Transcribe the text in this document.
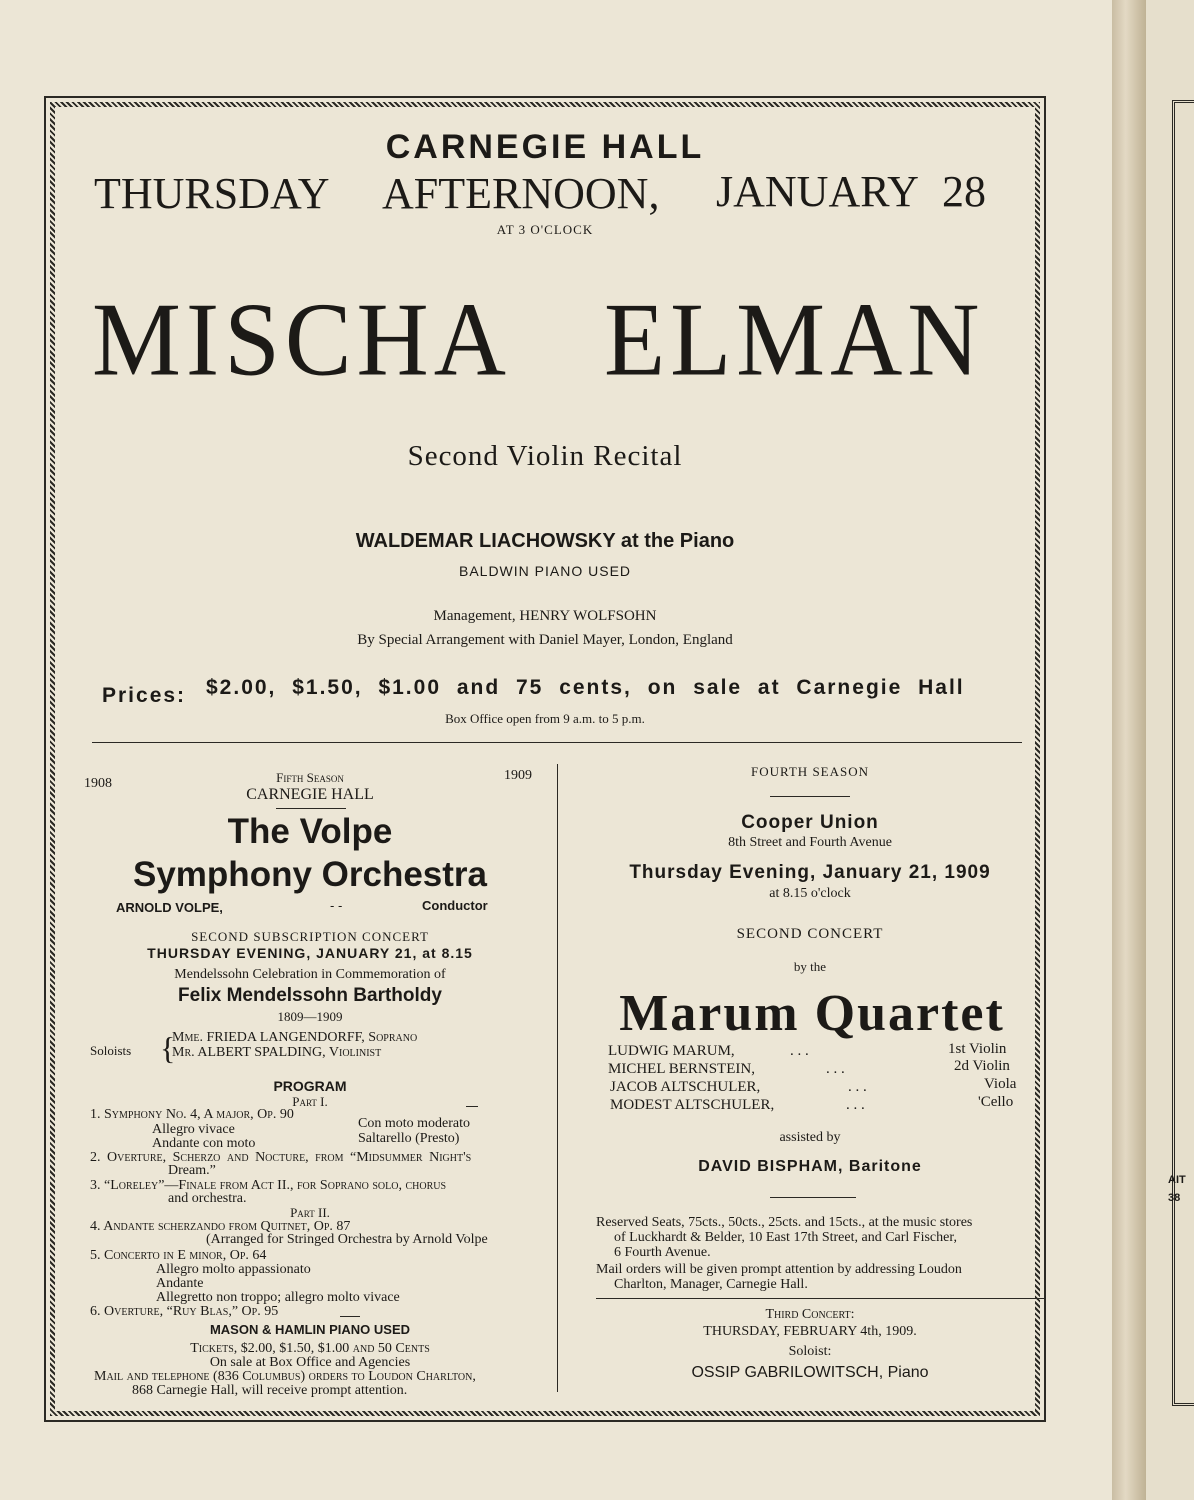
AIT
38
CARNEGIE HALL
THURSDAY AFTERNOON, JANUARY 28
AT 3 O'CLOCK
MISCHA ELMAN
Second Violin Recital
WALDEMAR LIACHOWSKY at the Piano
BALDWIN PIANO USED
Management, HENRY WOLFSOHN
By Special Arrangement with Daniel Mayer, London, England
Prices: $2.00, $1.50, $1.00 and 75 cents, on sale at Carnegie Hall
Box Office open from 9 a.m. to 5 p.m.
1908	Fifth Season	1909
CARNEGIE HALL
The Volpe
Symphony Orchestra
ARNOLD VOLPE,	- -	Conductor
SECOND SUBSCRIPTION CONCERT
THURSDAY EVENING, JANUARY 21, at 8.15
Mendelssohn Celebration in Commemoration of
Felix Mendelssohn Bartholdy
1809—1909
Soloists {
Mme. FRIEDA LANGENDORFF, Soprano
Mr. ALBERT SPALDING, Violinist
PROGRAM
Part I.
1. Symphony No. 4, A major, Op. 90
Allegro vivace	Con moto moderato
Andante con moto	Saltarello (Presto)
2. Overture, Scherzo and Nocture, from “Midsummer Night's
Dream.”
3. “Loreley”—Finale from Act II., for Soprano solo, chorus
and orchestra.
Part II.
4. Andante scherzando from Quitnet, Op. 87
(Arranged for Stringed Orchestra by Arnold Volpe
5. Concerto in E minor, Op. 64
Allegro molto appassionato
Andante
Allegretto non troppo; allegro molto vivace
6. Overture, “Ruy Blas,” Op. 95
MASON & HAMLIN PIANO USED
Tickets, $2.00, $1.50, $1.00 and 50 Cents
On sale at Box Office and Agencies
Mail and telephone (836 Columbus) orders to Loudon Charlton,
868 Carnegie Hall, will receive prompt attention.
FOURTH SEASON
Cooper Union
8th Street and Fourth Avenue
Thursday Evening, January 21, 1909
at 8.15 o'clock
SECOND CONCERT
by the
Marum Quartet
LUDWIG MARUM,	. . .	1st Violin
MICHEL BERNSTEIN,	. . .	2d Violin
JACOB ALTSCHULER,	. . .	Viola
MODEST ALTSCHULER,	. . .	'Cello
assisted by
DAVID BISPHAM, Baritone
Reserved Seats, 75cts., 50cts., 25cts. and 15cts., at the music stores
of Luckhardt & Belder, 10 East 17th Street, and Carl Fischer,
6 Fourth Avenue.
Mail orders will be given prompt attention by addressing Loudon
Charlton, Manager, Carnegie Hall.
Third Concert:
THURSDAY, FEBRUARY 4th, 1909.
Soloist:
OSSIP GABRILOWITSCH, Piano
